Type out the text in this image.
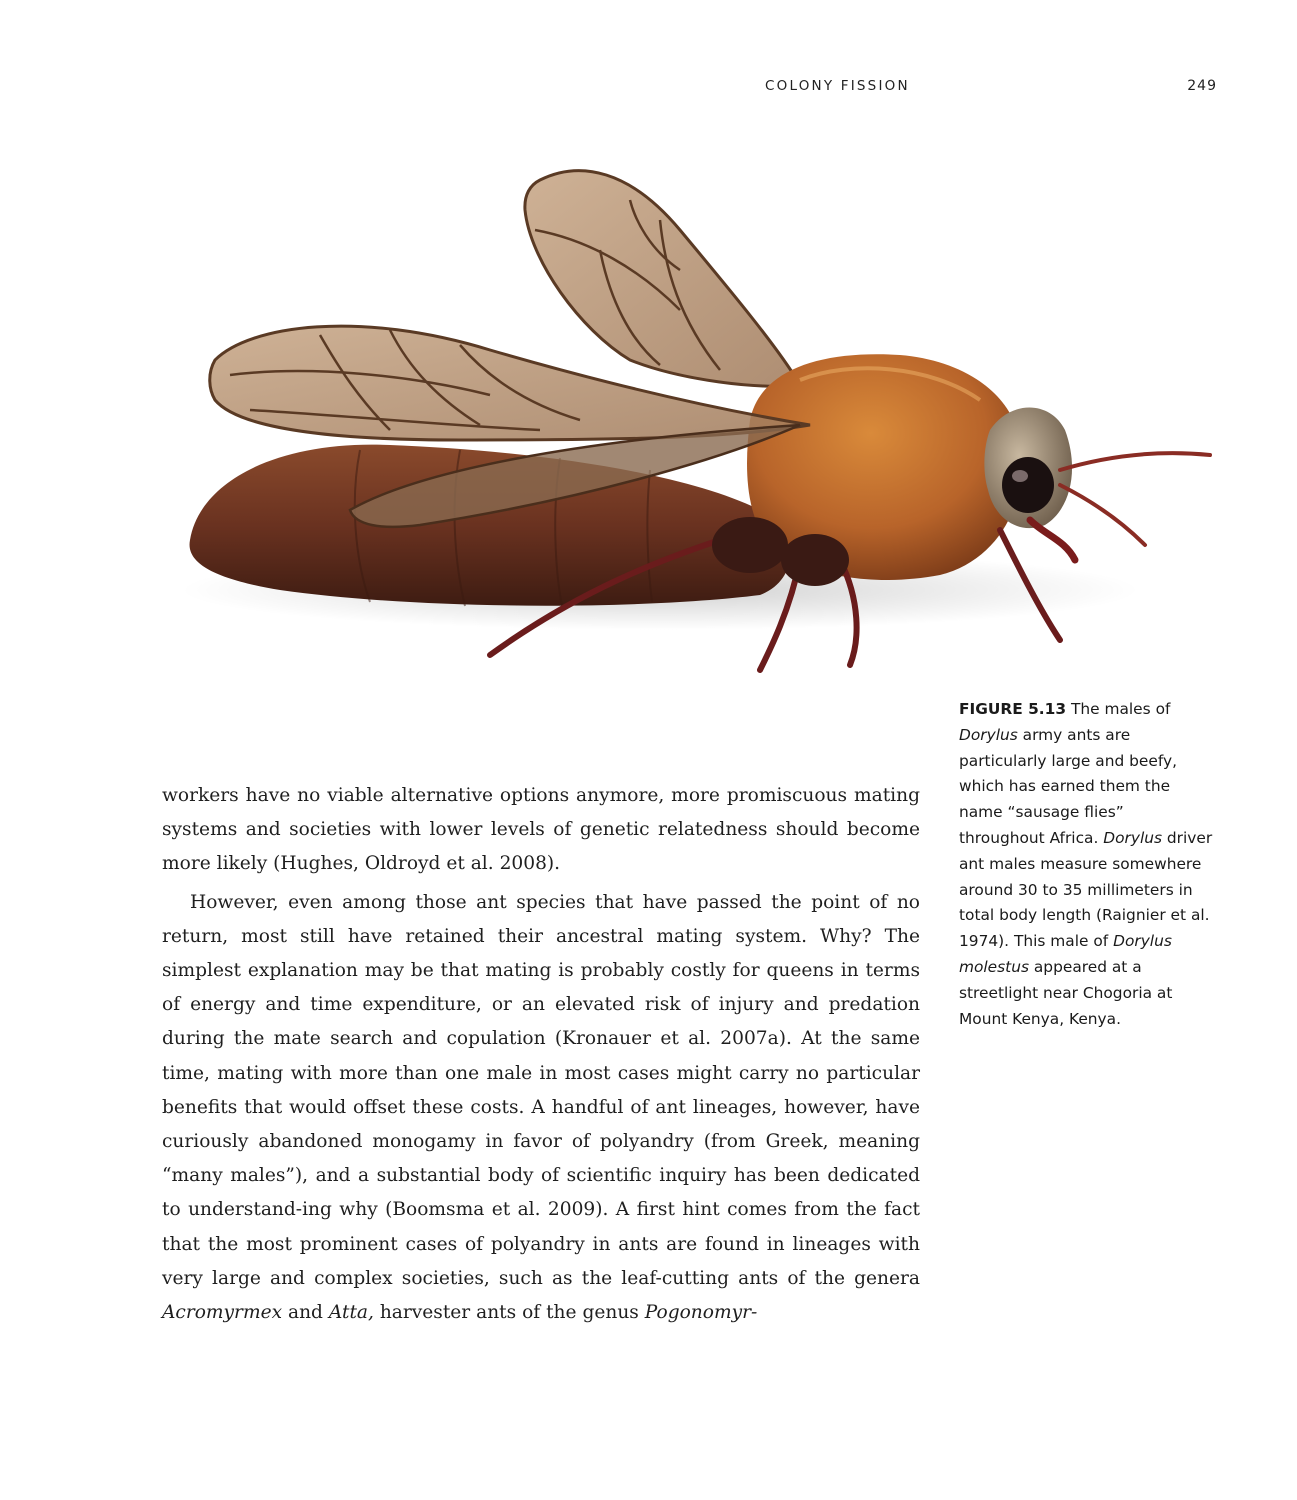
COLONY FISSION	249
FIGURE 5.13 The males of Dorylus army ants are particularly large and beefy, which has earned them the name “sausage flies” throughout Africa. Dorylus driver ant males measure somewhere around 30 to 35 millimeters in total body length (Raignier et al. 1974). This male of Dorylus molestus appeared at a streetlight near Chogoria at Mount Kenya, Kenya.

workers have no viable alternative options anymore, more promiscuous mating systems and societies with lower levels of genetic relatedness should become more likely (Hughes, Oldroyd et al. 2008).

However, even among those ant species that have passed the point of no return, most still have retained their ancestral mating system. Why? The simplest explanation may be that mating is probably costly for queens in terms of energy and time expenditure, or an elevated risk of injury and predation during the mate search and copulation (Kronauer et al. 2007a). At the same time, mating with more than one male in most cases might carry no particular benefits that would offset these costs. A handful of ant lineages, however, have curiously abandoned monogamy in favor of polyandry (from Greek, meaning “many males”), and a substantial body of scientific inquiry has been dedicated to understand-ing why (Boomsma et al. 2009). A first hint comes from the fact that the most prominent cases of polyandry in ants are found in lineages with very large and complex societies, such as the leaf-cutting ants of the genera Acromyrmex and Atta, harvester ants of the genus Pogonomyr-
